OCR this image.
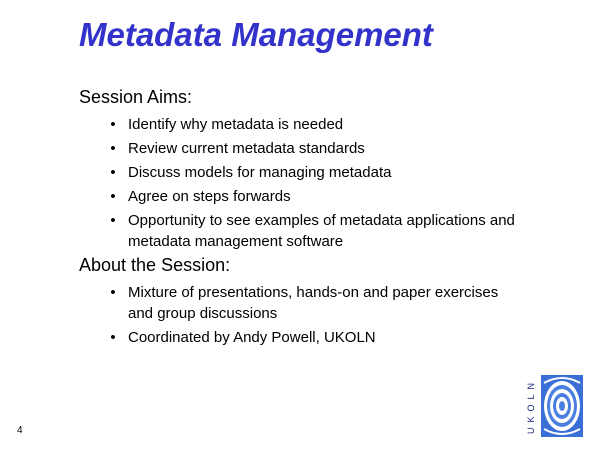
Metadata Management
Session Aims:
• Identify why metadata is needed
• Review current metadata standards
• Discuss models for managing metadata
• Agree on steps forwards
• Opportunity to see examples of metadata applications and metadata management software
About the Session:
• Mixture of presentations, hands-on and paper exercises and group discussions
• Coordinated by Andy Powell, UKOLN
4	UKOLN
